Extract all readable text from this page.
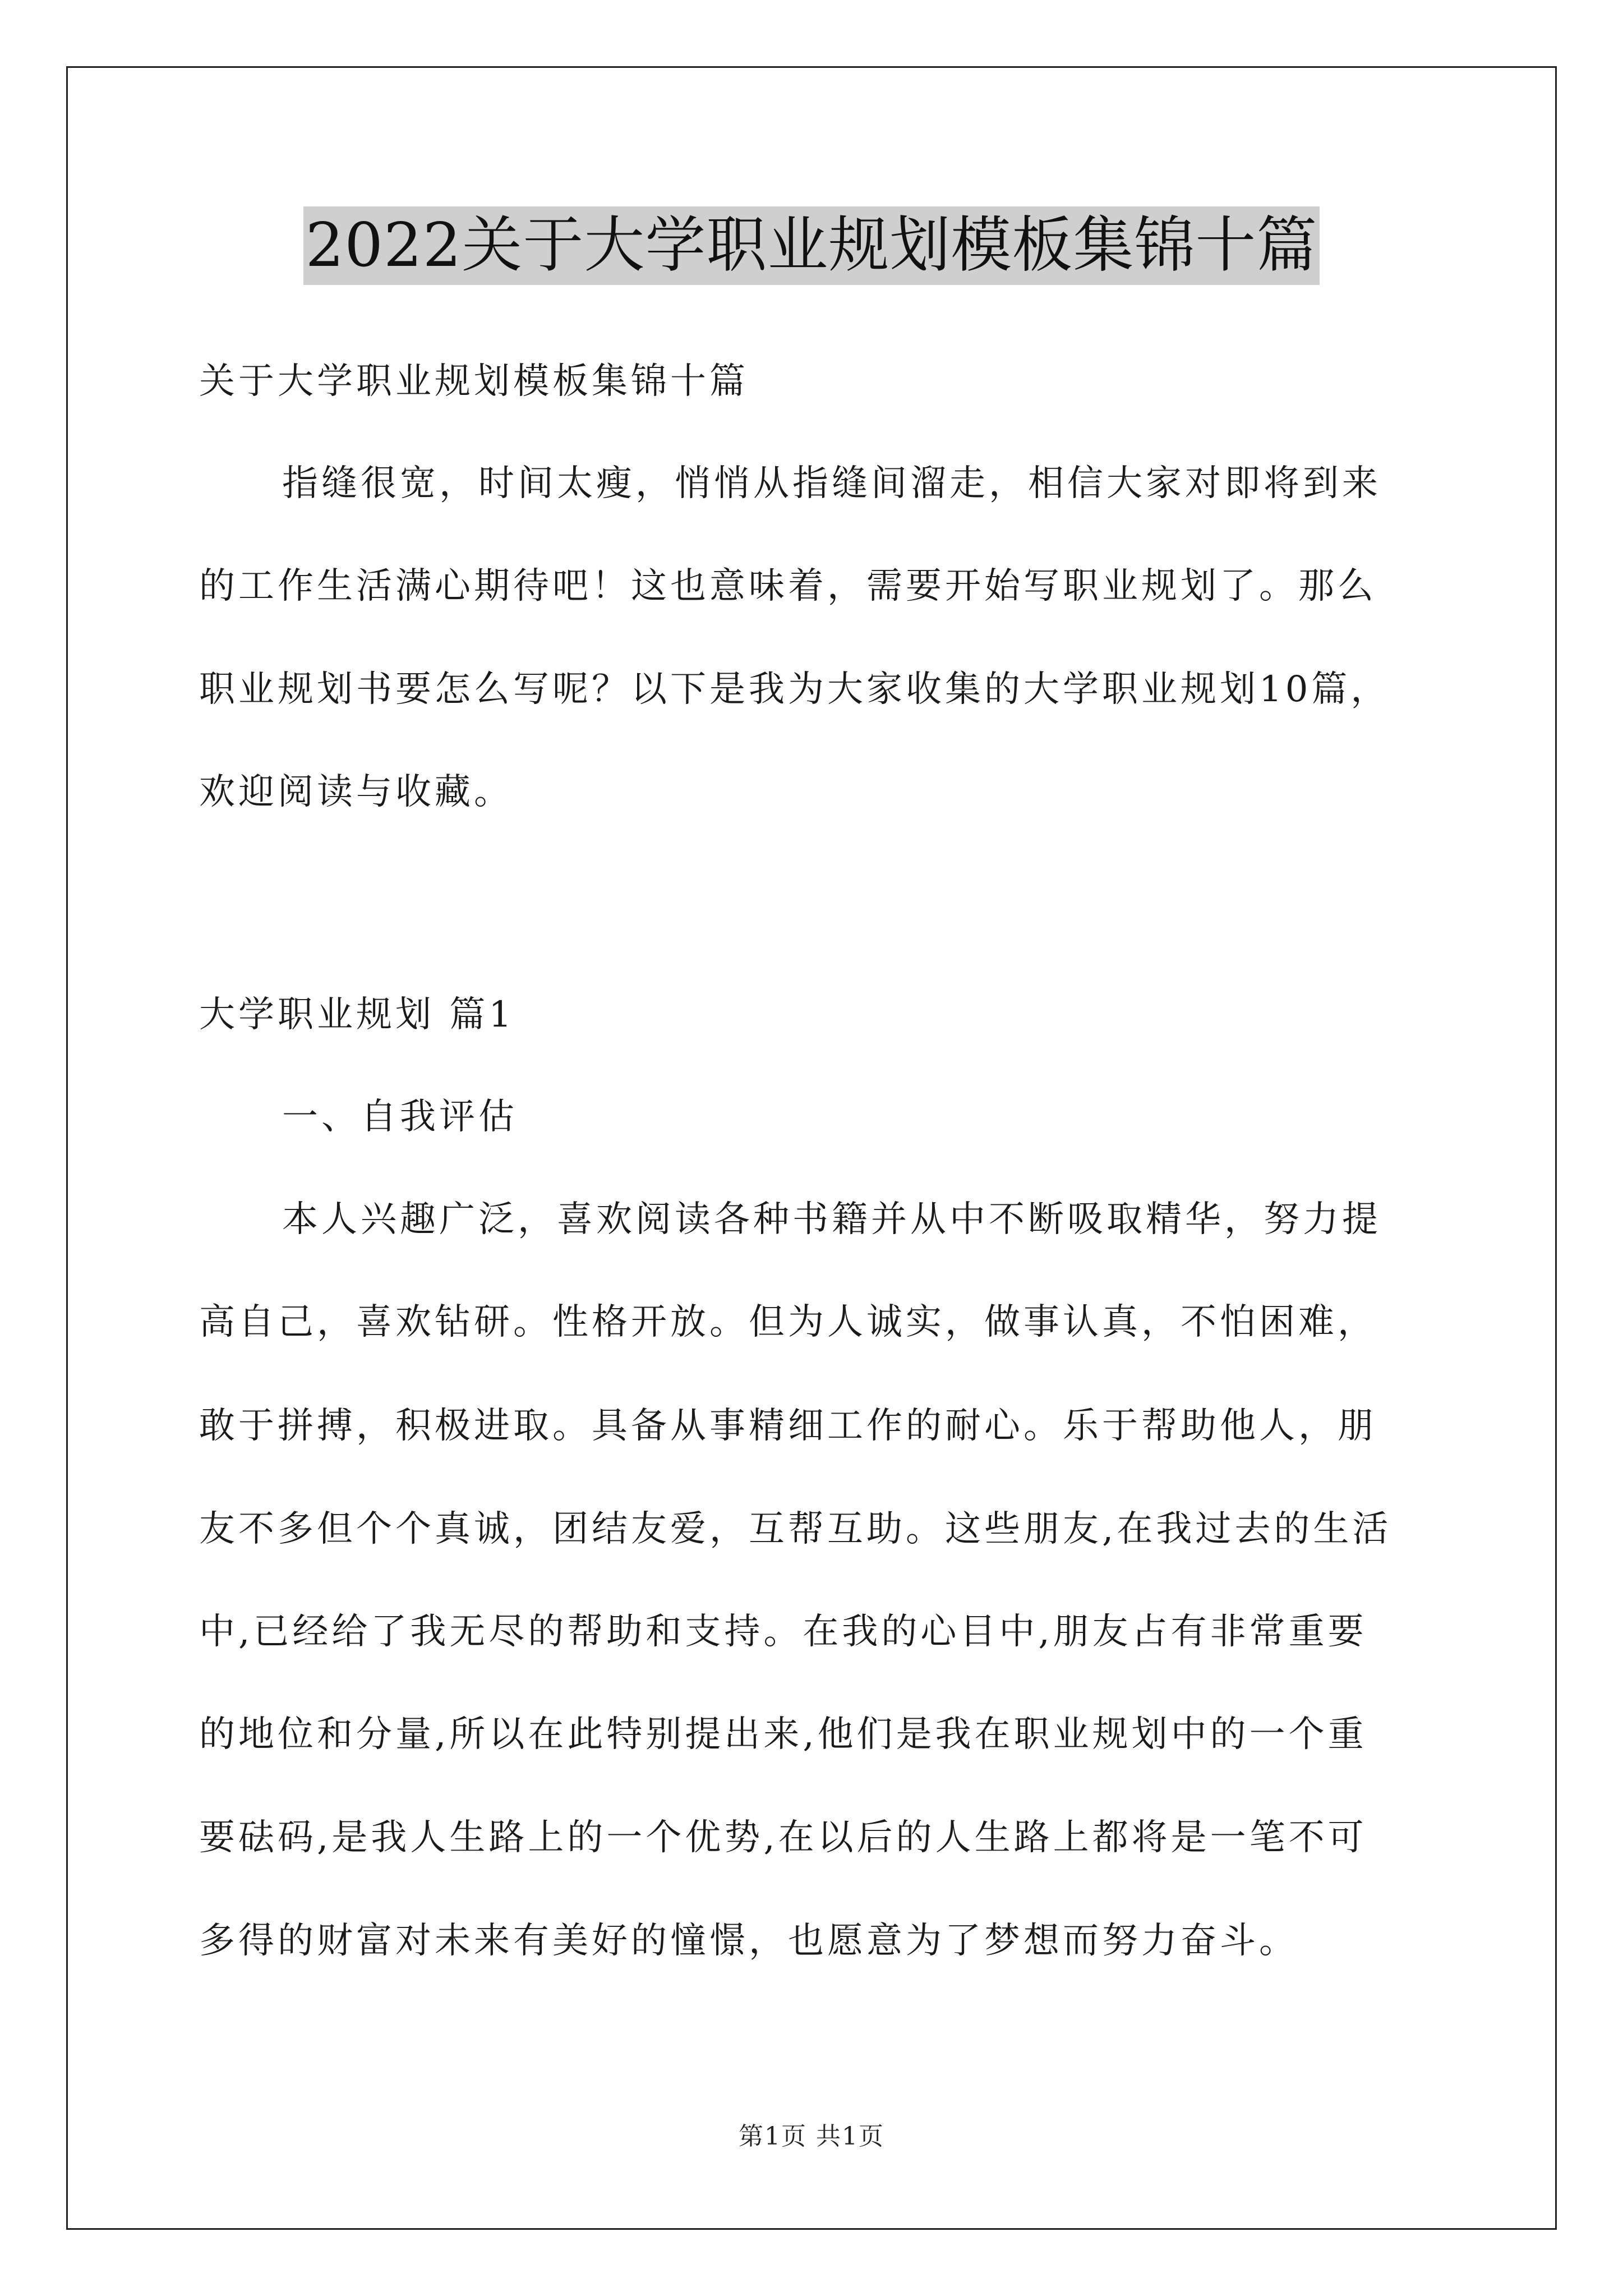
2022关于大学职业规划模板集锦十篇
关于大学职业规划模板集锦十篇
指缝很宽，时间太瘦，悄悄从指缝间溜走，相信大家对即将到来
的工作生活满心期待吧！这也意味着，需要开始写职业规划了。那么
职业规划书要怎么写呢？以下是我为大家收集的大学职业规划10篇，
欢迎阅读与收藏。
大学职业规划 篇1
一、自我评估
本人兴趣广泛，喜欢阅读各种书籍并从中不断吸取精华，努力提
高自己，喜欢钻研。性格开放。但为人诚实，做事认真，不怕困难，
敢于拼搏，积极进取。具备从事精细工作的耐心。乐于帮助他人，朋
友不多但个个真诚，团结友爱，互帮互助。这些朋友,在我过去的生活
中,已经给了我无尽的帮助和支持。在我的心目中,朋友占有非常重要
的地位和分量,所以在此特别提出来,他们是我在职业规划中的一个重
要砝码,是我人生路上的一个优势,在以后的人生路上都将是一笔不可
多得的财富对未来有美好的憧憬，也愿意为了梦想而努力奋斗。
第1页 共1页
